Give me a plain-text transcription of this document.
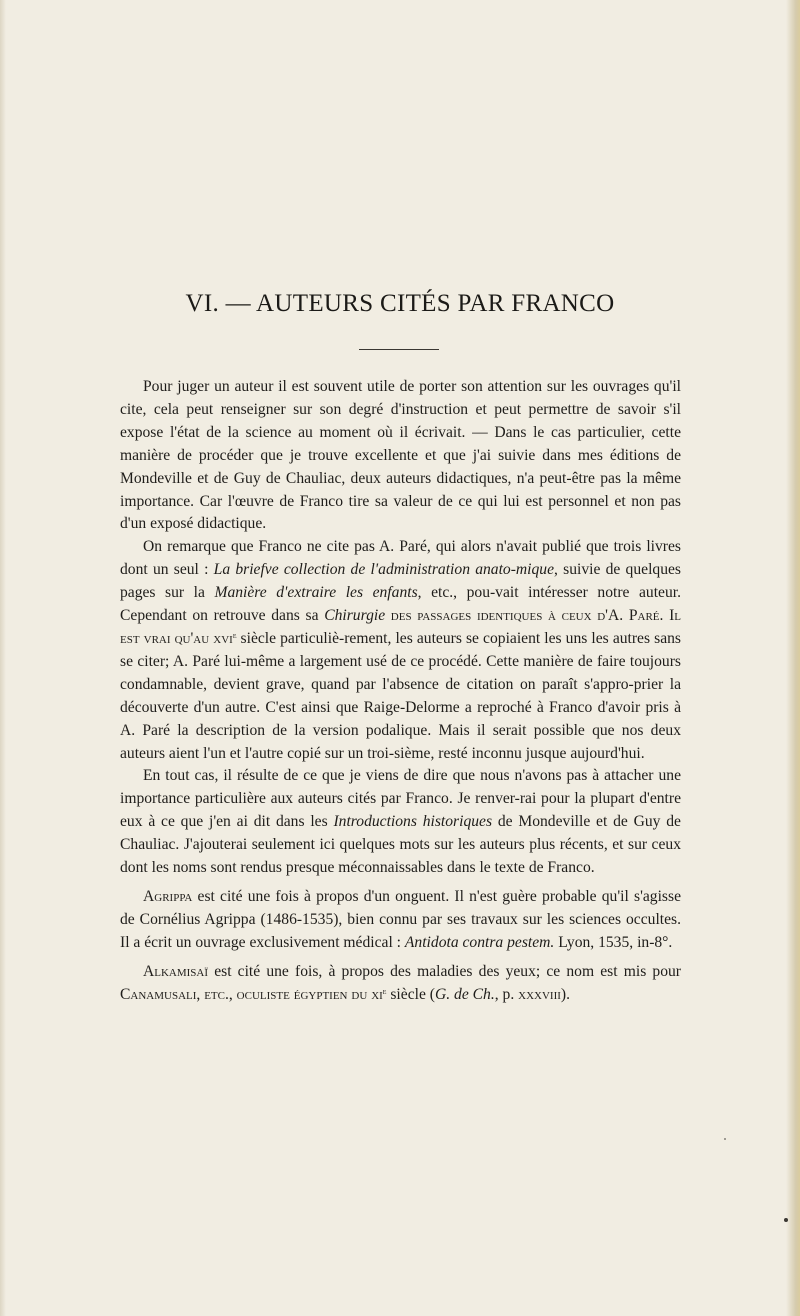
VI. — AUTEURS CITÉS PAR FRANCO

Pour juger un auteur il est souvent utile de porter son attention sur les ouvrages qu'il cite, cela peut renseigner sur son degré d'instruction et peut permettre de savoir s'il expose l'état de la science au moment où il écrivait. — Dans le cas particulier, cette manière de procéder que je trouve excellente et que j'ai suivie dans mes éditions de Mondeville et de Guy de Chauliac, deux auteurs didactiques, n'a peut-être pas la même importance. Car l'œuvre de Franco tire sa valeur de ce qui lui est personnel et non pas d'un exposé didactique.

On remarque que Franco ne cite pas A. Paré, qui alors n'avait publié que trois livres dont un seul : La briefve collection de l'administration anato-mique, suivie de quelques pages sur la Manière d'extraire les enfants, etc., pou-vait intéresser notre auteur. Cependant on retrouve dans sa Chirurgie des passages identiques à ceux d'A. Paré. Il est vrai qu'au xvi$^e$ siècle particuliè-rement, les auteurs se copiaient les uns les autres sans se citer; A. Paré lui-même a largement usé de ce procédé. Cette manière de faire toujours condamnable, devient grave, quand par l'absence de citation on paraît s'appro-prier la découverte d'un autre. C'est ainsi que Raige-Delorme a reproché à Franco d'avoir pris à A. Paré la description de la version podalique. Mais il serait possible que nos deux auteurs aient l'un et l'autre copié sur un troi-sième, resté inconnu jusque aujourd'hui.

En tout cas, il résulte de ce que je viens de dire que nous n'avons pas à attacher une importance particulière aux auteurs cités par Franco. Je renver-rai pour la plupart d'entre eux à ce que j'en ai dit dans les Introductions historiques de Mondeville et de Guy de Chauliac. J'ajouterai seulement ici quelques mots sur les auteurs plus récents, et sur ceux dont les noms sont rendus presque méconnaissables dans le texte de Franco.

Agrippa est cité une fois à propos d'un onguent. Il n'est guère probable qu'il s'agisse de Cornélius Agrippa (1486-1535), bien connu par ses travaux sur les sciences occultes. Il a écrit un ouvrage exclusivement médical : Antidota contra pestem. Lyon, 1535, in-8°.

Alkamisaï est cité une fois, à propos des maladies des yeux; ce nom est mis pour Canamusali, etc., oculiste égyptien du $xi^e$ siècle (G. de Ch., p. xxxviii).
